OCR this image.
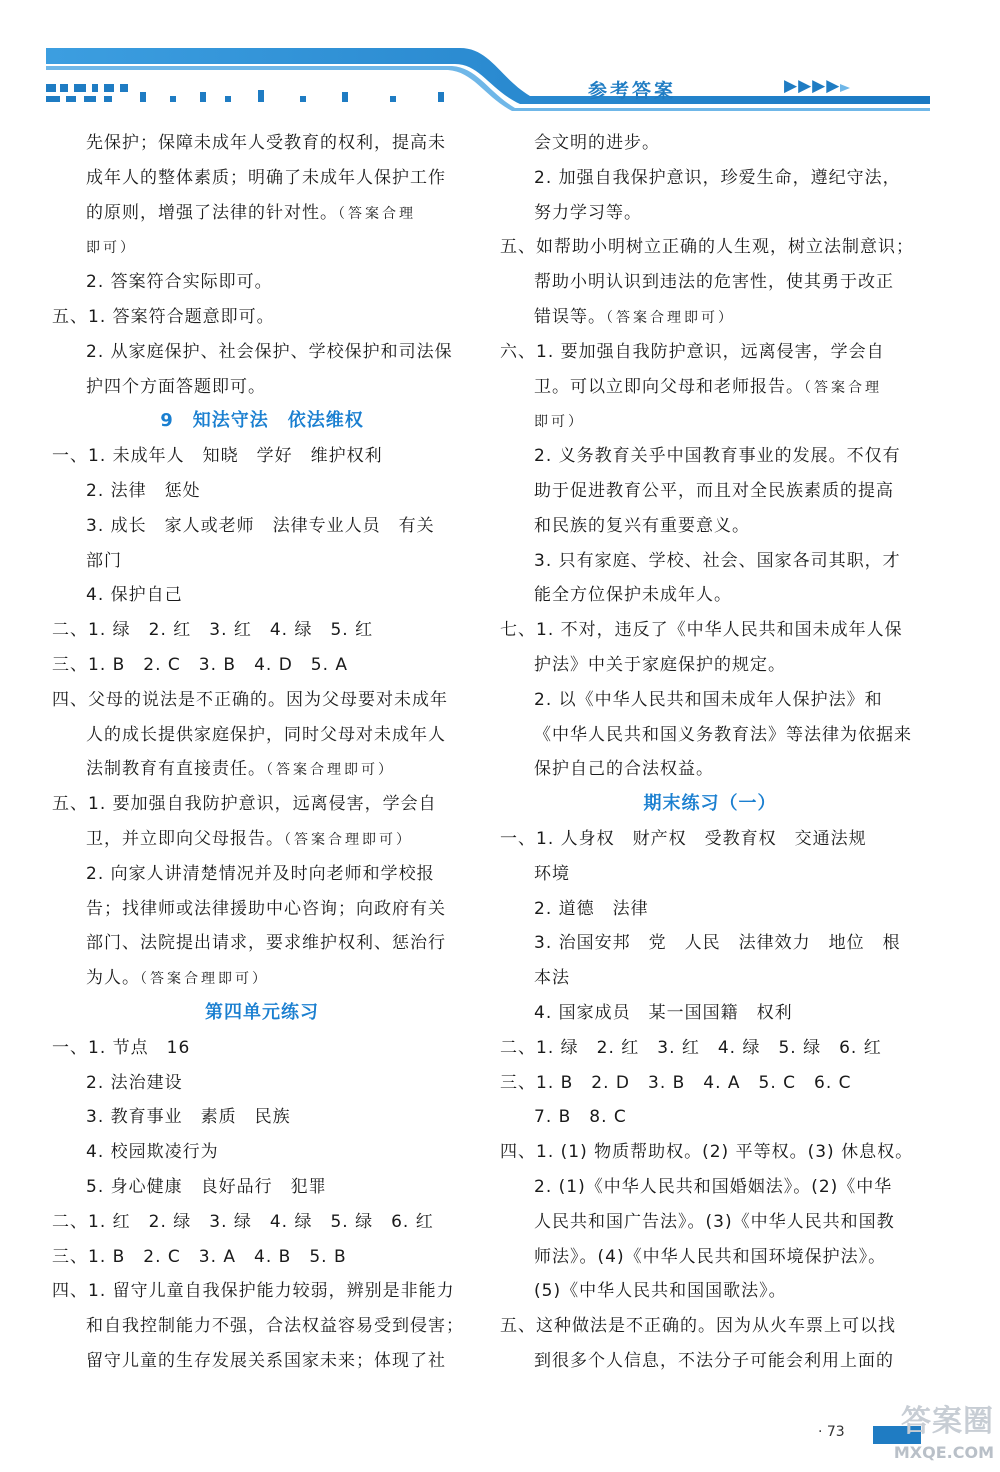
参考答案	▶▶▶▶
先保护；保障未成年人受教育的权利，提高未
成年人的整体素质；明确了未成年人保护工作
的原则，增强了法律的针对性。（答案合理
即可）
2. 答案符合实际即可。
五、1. 答案符合题意即可。
2. 从家庭保护、社会保护、学校保护和司法保
护四个方面答题即可。
9　知法守法　依法维权
一、1. 未成年人　知晓　学好　维护权利
2. 法律　惩处
3. 成长　家人或老师　法律专业人员　有关
部门
4. 保护自己
二、1. 绿　2. 红　3. 红　4. 绿　5. 红
三、1. B　2. C　3. B　4. D　5. A
四、父母的说法是不正确的。因为父母要对未成年
人的成长提供家庭保护，同时父母对未成年人
法制教育有直接责任。（答案合理即可）
五、1. 要加强自我防护意识，远离侵害，学会自
卫，并立即向父母报告。（答案合理即可）
2. 向家人讲清楚情况并及时向老师和学校报
告；找律师或法律援助中心咨询；向政府有关
部门、法院提出请求，要求维护权利、惩治行
为人。（答案合理即可）
第四单元练习
一、1. 节点　16
2. 法治建设
3. 教育事业　素质　民族
4. 校园欺凌行为
5. 身心健康　良好品行　犯罪
二、1. 红　2. 绿　3. 绿　4. 绿　5. 绿　6. 红
三、1. B　2. C　3. A　4. B　5. B
四、1. 留守儿童自我保护能力较弱，辨别是非能力
和自我控制能力不强，合法权益容易受到侵害；
留守儿童的生存发展关系国家未来；体现了社
会文明的进步。
2. 加强自我保护意识，珍爱生命，遵纪守法，
努力学习等。
五、如帮助小明树立正确的人生观，树立法制意识；
帮助小明认识到违法的危害性，使其勇于改正
错误等。（答案合理即可）
六、1. 要加强自我防护意识，远离侵害，学会自
卫。可以立即向父母和老师报告。（答案合理
即可）
2. 义务教育关乎中国教育事业的发展。不仅有
助于促进教育公平，而且对全民族素质的提高
和民族的复兴有重要意义。
3. 只有家庭、学校、社会、国家各司其职，才
能全方位保护未成年人。
七、1. 不对，违反了《中华人民共和国未成年人保
护法》中关于家庭保护的规定。
2. 以《中华人民共和国未成年人保护法》和
《中华人民共和国义务教育法》等法律为依据来
保护自己的合法权益。
期末练习（一）
一、1. 人身权　财产权　受教育权　交通法规
环境
2. 道德　法律
3. 治国安邦　党　人民　法律效力　地位　根
本法
4. 国家成员　某一国国籍　权利
二、1. 绿　2. 红　3. 红　4. 绿　5. 绿　6. 红
三、1. B　2. D　3. B　4. A　5. C　6. C
7. B　8. C
四、1. (1) 物质帮助权。(2) 平等权。(3) 休息权。
2. (1)《中华人民共和国婚姻法》。(2)《中华
人民共和国广告法》。(3)《中华人民共和国教
师法》。(4)《中华人民共和国环境保护法》。
(5)《中华人民共和国国歌法》。
五、这种做法是不正确的。因为从火车票上可以找
到很多个人信息，不法分子可能会利用上面的
· 73	答案圈
MXQE.COM
